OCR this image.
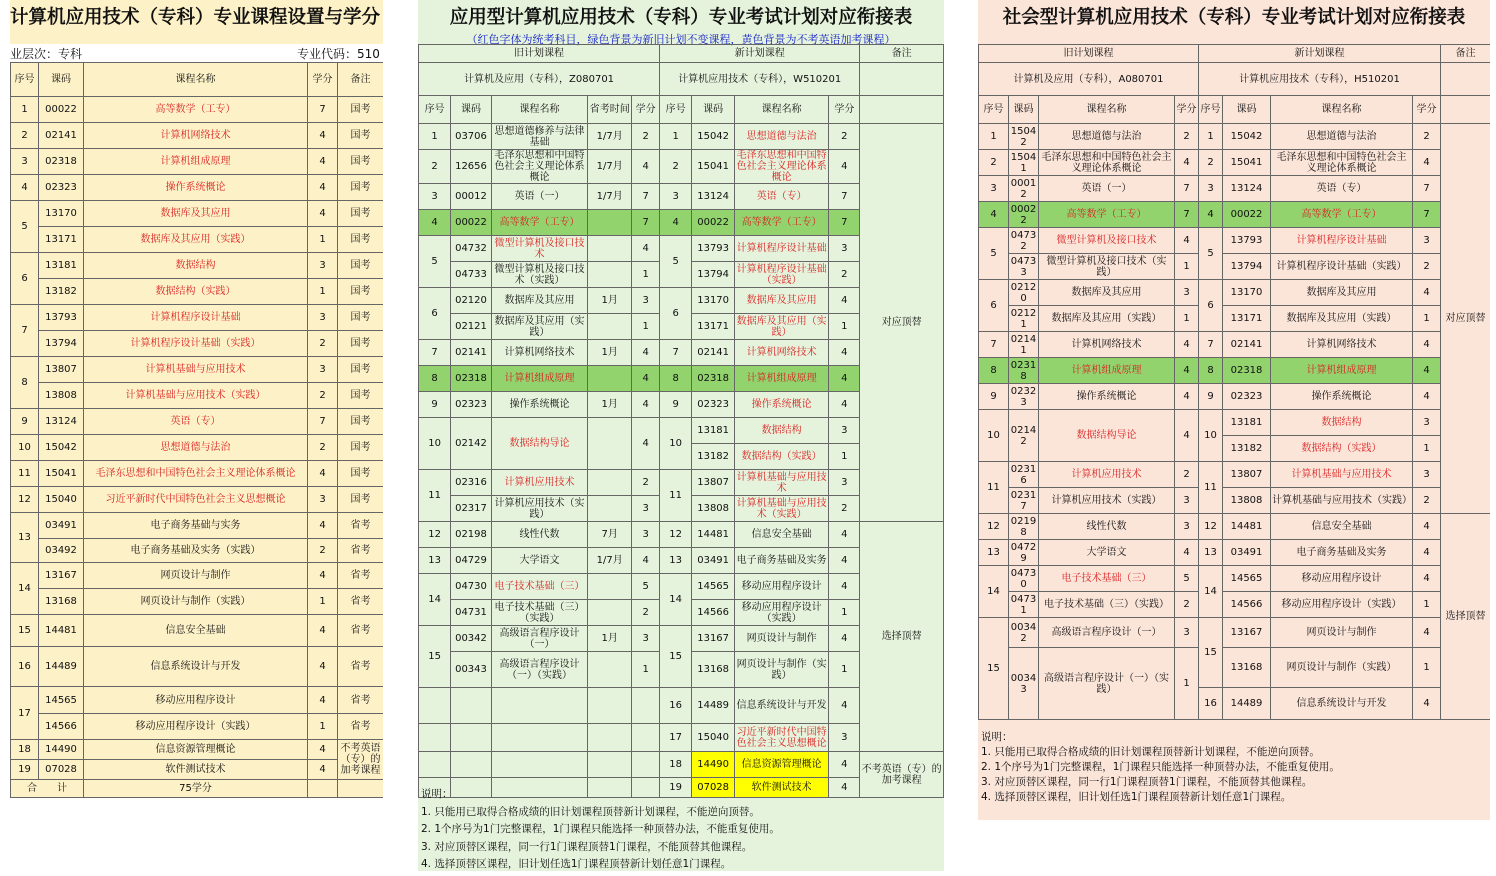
计算机应用技术（专科）专业课程设置与学分
业层次：专科	专业代码：510
序号	课码	课程名称	学分	备注
1	00022	高等数学（工专）	7	国考
2	02141	计算机网络技术	4	国考
3	02318	计算机组成原理	4	国考
4	02323	操作系统概论	4	国考
5	13170	数据库及其应用	4	国考
	13171	数据库及其应用（实践）	1	国考
6	13181	数据结构	3	国考
	13182	数据结构（实践）	1	国考
7	13793	计算机程序设计基础	3	国考
	13794	计算机程序设计基础（实践）	2	国考
8	13807	计算机基础与应用技术	3	国考
	13808	计算机基础与应用技术（实践）	2	国考
9	13124	英语（专）	7	国考
10	15042	思想道德与法治	2	国考
11	15041	毛泽东思想和中国特色社会主义理论体系概论	4	国考
12	15040	习近平新时代中国特色社会主义思想概论	3	国考
13	03491	电子商务基础与实务	4	省考
	03492	电子商务基础及实务（实践）	2	省考
14	13167	网页设计与制作	4	省考
	13168	网页设计与制作（实践）	1	省考
15	14481	信息安全基础	4	省考
16	14489	信息系统设计与开发	4	省考
17	14565	移动应用程序设计	4	省考
	14566	移动应用程序设计（实践）	1	省考
18	14490	信息资源管理概论	4	不考英语（专）的加考课程
19	07028	软件测试技术	4	
合　　计		75学分		
应用型计算机应用技术（专科）专业考试计划对应衔接表
（红色字体为统考科目，绿色背景为新旧计划不变课程，黄色背景为不考英语加考课程）
旧计划课程					新计划课程				备注
计算机及应用（专科），Z080701					计算机应用技术（专科），W510201				
序号	课码	课程名称	省考时间	学分	序号	课码	课程名称	学分	
1	03706	思想道德修养与法律基础	1/7月	2	1	15042	思想道德与法治	2	对应顶替
2	12656	毛泽东思想和中国特色社会主义理论体系概论	1/7月	4	2	15041	毛泽东思想和中国特色社会主义理论体系概论	4	
3	00012	英语（一）	1/7月	7	3	13124	英语（专）	7	
4	00022	高等数学（工专）		7	4	00022	高等数学（工专）	7	
5	04732	微型计算机及接口技术		4	5	13793	计算机程序设计基础	3	
	04733	微型计算机及接口技术（实践）		1		13794	计算机程序设计基础（实践）	2	
6	02120	数据库及其应用	1月	3	6	13170	数据库及其应用	4	
	02121	数据库及其应用（实践）		1		13171	数据库及其应用（实践）	1	
7	02141	计算机网络技术	1月	4	7	02141	计算机网络技术	4	
8	02318	计算机组成原理		4	8	02318	计算机组成原理	4	
9	02323	操作系统概论	1月	4	9	02323	操作系统概论	4	
10	02142	数据结构导论		4	10	13181	数据结构	3	
						13182	数据结构（实践）	1	
11	02316	计算机应用技术		2	11	13807	计算机基础与应用技术	3	
	02317	计算机应用技术（实践）		3		13808	计算机基础与应用技术（实践）	2	
12	02198	线性代数	7月	3	12	14481	信息安全基础	4	选择顶替
13	04729	大学语文	1/7月	4	13	03491	电子商务基础及实务	4	
14	04730	电子技术基础（三）		5	14	14565	移动应用程序设计	4	
	04731	电子技术基础（三）（实践）		2		14566	移动应用程序设计（实践）	1	
15	00342	高级语言程序设计（一）	1月	3	15	13167	网页设计与制作	4	
	00343	高级语言程序设计（一）（实践）		1		13168	网页设计与制作（实践）	1	
					16	14489	信息系统设计与开发	4	
					17	15040	习近平新时代中国特色社会主义思想概论	3	
					18	14490	信息资源管理概论	4	不考英语（专）的加考课程
					19	07028	软件测试技术	4	
说明：
1. 只能用已取得合格成绩的旧计划课程顶替新计划课程，不能逆向顶替。
2. 1个序号为1门完整课程，1门课程只能选择一种顶替办法，不能重复使用。
3. 对应顶替区课程，同一行1门课程顶替1门课程，不能顶替其他课程。
4. 选择顶替区课程，旧计划任选1门课程顶替新计划任意1门课程。
社会型计算机应用技术（专科）专业考试计划对应衔接表
旧计划课程				新计划课程				备注
计算机及应用（专科），A080701				计算机应用技术（专科），H510201				
序号	课码	课程名称	学分	序号	课码	课程名称	学分	
1	15042	思想道德与法治	2	1	15042	思想道德与法治	2	对应顶替
2	15041	毛泽东思想和中国特色社会主义理论体系概论	4	2	15041	毛泽东思想和中国特色社会主义理论体系概论	4	
3	00012	英语（一）	7	3	13124	英语（专）	7	
4	00022	高等数学（工专）	7	4	00022	高等数学（工专）	7	
5	04732	微型计算机及接口技术	4	5	13793	计算机程序设计基础	3	
	04733	微型计算机及接口技术（实践）	1		13794	计算机程序设计基础（实践）	2	
6	02120	数据库及其应用	3	6	13170	数据库及其应用	4	
	02121	数据库及其应用（实践）	1		13171	数据库及其应用（实践）	1	
7	02141	计算机网络技术	4	7	02141	计算机网络技术	4	
8	02318	计算机组成原理	4	8	02318	计算机组成原理	4	
9	02323	操作系统概论	4	9	02323	操作系统概论	4	
10	02142	数据结构导论	4	10	13181	数据结构	3	
					13182	数据结构（实践）	1	
11	02316	计算机应用技术	2	11	13807	计算机基础与应用技术	3	
	02317	计算机应用技术（实践）	3		13808	计算机基础与应用技术（实践）	2	
12	02198	线性代数	3	12	14481	信息安全基础	4	选择顶替
13	04729	大学语文	4	13	03491	电子商务基础及实务	4	
14	04730	电子技术基础（三）	5	14	14565	移动应用程序设计	4	
	04731	电子技术基础（三）（实践）	2		14566	移动应用程序设计（实践）	1	
15	00342	高级语言程序设计（一）	3	15	13167	网页设计与制作	4	
	00343	高级语言程序设计（一）（实践）	1		13168	网页设计与制作（实践）	1	
				16	14489	信息系统设计与开发	4	
说明：
1. 只能用已取得合格成绩的旧计划课程顶替新计划课程，不能逆向顶替。
2. 1个序号为1门完整课程，1门课程只能选择一种顶替办法，不能重复使用。
3. 对应顶替区课程，同一行1门课程顶替1门课程，不能顶替其他课程。
4. 选择顶替区课程，旧计划任选1门课程顶替新计划任意1门课程。
